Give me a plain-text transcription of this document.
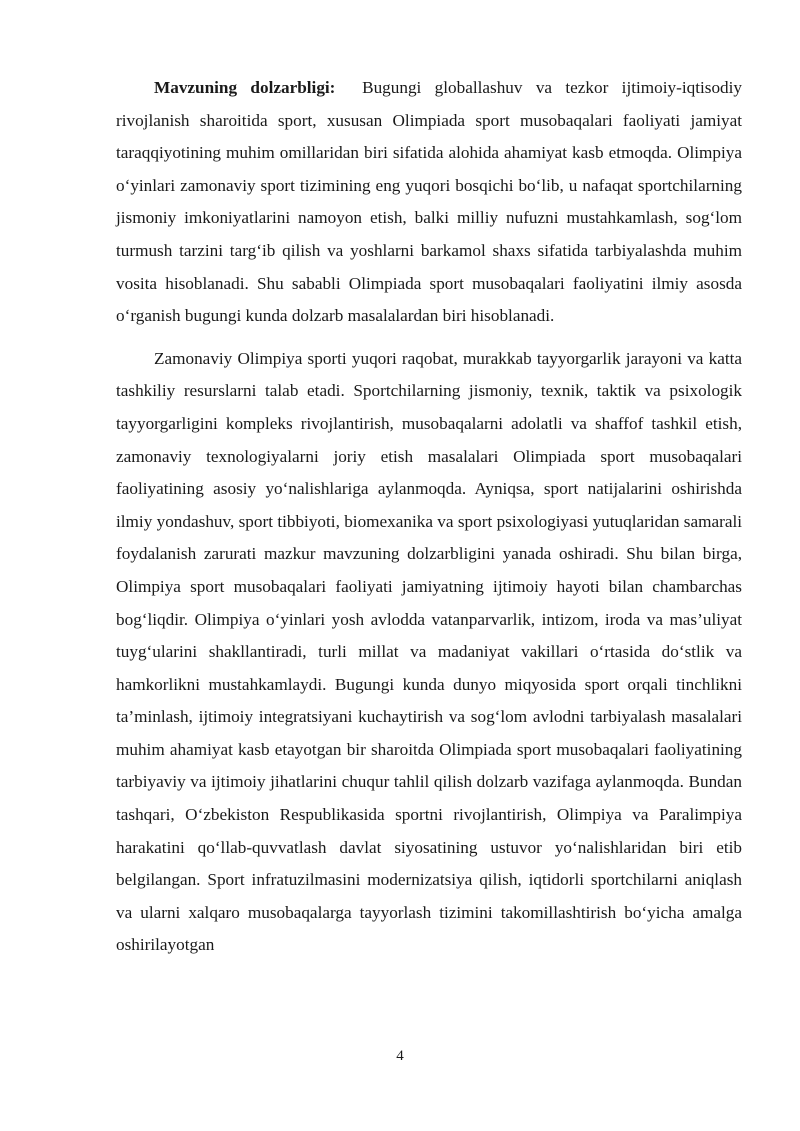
Mavzuning dolzarbligi: Bugungi globallashuv va tezkor ijtimoiy-iqtisodiy rivojlanish sharoitida sport, xususan Olimpiada sport musobaqalari faoliyati jamiyat taraqqiyotining muhim omillaridan biri sifatida alohida ahamiyat kasb etmoqda. Olimpiya o‘yinlari zamonaviy sport tizimining eng yuqori bosqichi bo‘lib, u nafaqat sportchilarning jismoniy imkoniyatlarini namoyon etish, balki milliy nufuzni mustahkamlash, sog‘lom turmush tarzini targ‘ib qilish va yoshlarni barkamol shaxs sifatida tarbiyalashda muhim vosita hisoblanadi. Shu sababli Olimpiada sport musobaqalari faoliyatini ilmiy asosda o‘rganish bugungi kunda dolzarb masalalardan biri hisoblanadi.

Zamonaviy Olimpiya sporti yuqori raqobat, murakkab tayyorgarlik jarayoni va katta tashkiliy resurslarni talab etadi. Sportchilarning jismoniy, texnik, taktik va psixologik tayyorgarligini kompleks rivojlantirish, musobaqalarni adolatli va shaffof tashkil etish, zamonaviy texnologiyalarni joriy etish masalalari Olimpiada sport musobaqalari faoliyatining asosiy yo‘nalishlariga aylanmoqda. Ayniqsa, sport natijalarini oshirishda ilmiy yondashuv, sport tibbiyoti, biomexanika va sport psixologiyasi yutuqlaridan samarali foydalanish zarurati mazkur mavzuning dolzarbligini yanada oshiradi. Shu bilan birga, Olimpiya sport musobaqalari faoliyati jamiyatning ijtimoiy hayoti bilan chambarchas bog‘liqdir. Olimpiya o‘yinlari yosh avlodda vatanparvarlik, intizom, iroda va mas’uliyat tuyg‘ularini shakllantiradi, turli millat va madaniyat vakillari o‘rtasida do‘stlik va hamkorlikni mustahkamlaydi. Bugungi kunda dunyo miqyosida sport orqali tinchlikni ta’minlash, ijtimoiy integratsiyani kuchaytirish va sog‘lom avlodni tarbiyalash masalalari muhim ahamiyat kasb etayotgan bir sharoitda Olimpiada sport musobaqalari faoliyatining tarbiyaviy va ijtimoiy jihatlarini chuqur tahlil qilish dolzarb vazifaga aylanmoqda. Bundan tashqari, O‘zbekiston Respublikasida sportni rivojlantirish, Olimpiya va Paralimpiya harakatini qo‘llab-quvvatlash davlat siyosatining ustuvor yo‘nalishlaridan biri etib belgilangan. Sport infratuzilmasini modernizatsiya qilish, iqtidorli sportchilarni aniqlash va ularni xalqaro musobaqalarga tayyorlash tizimini takomillashtirish bo‘yicha amalga oshirilayotgan

4
